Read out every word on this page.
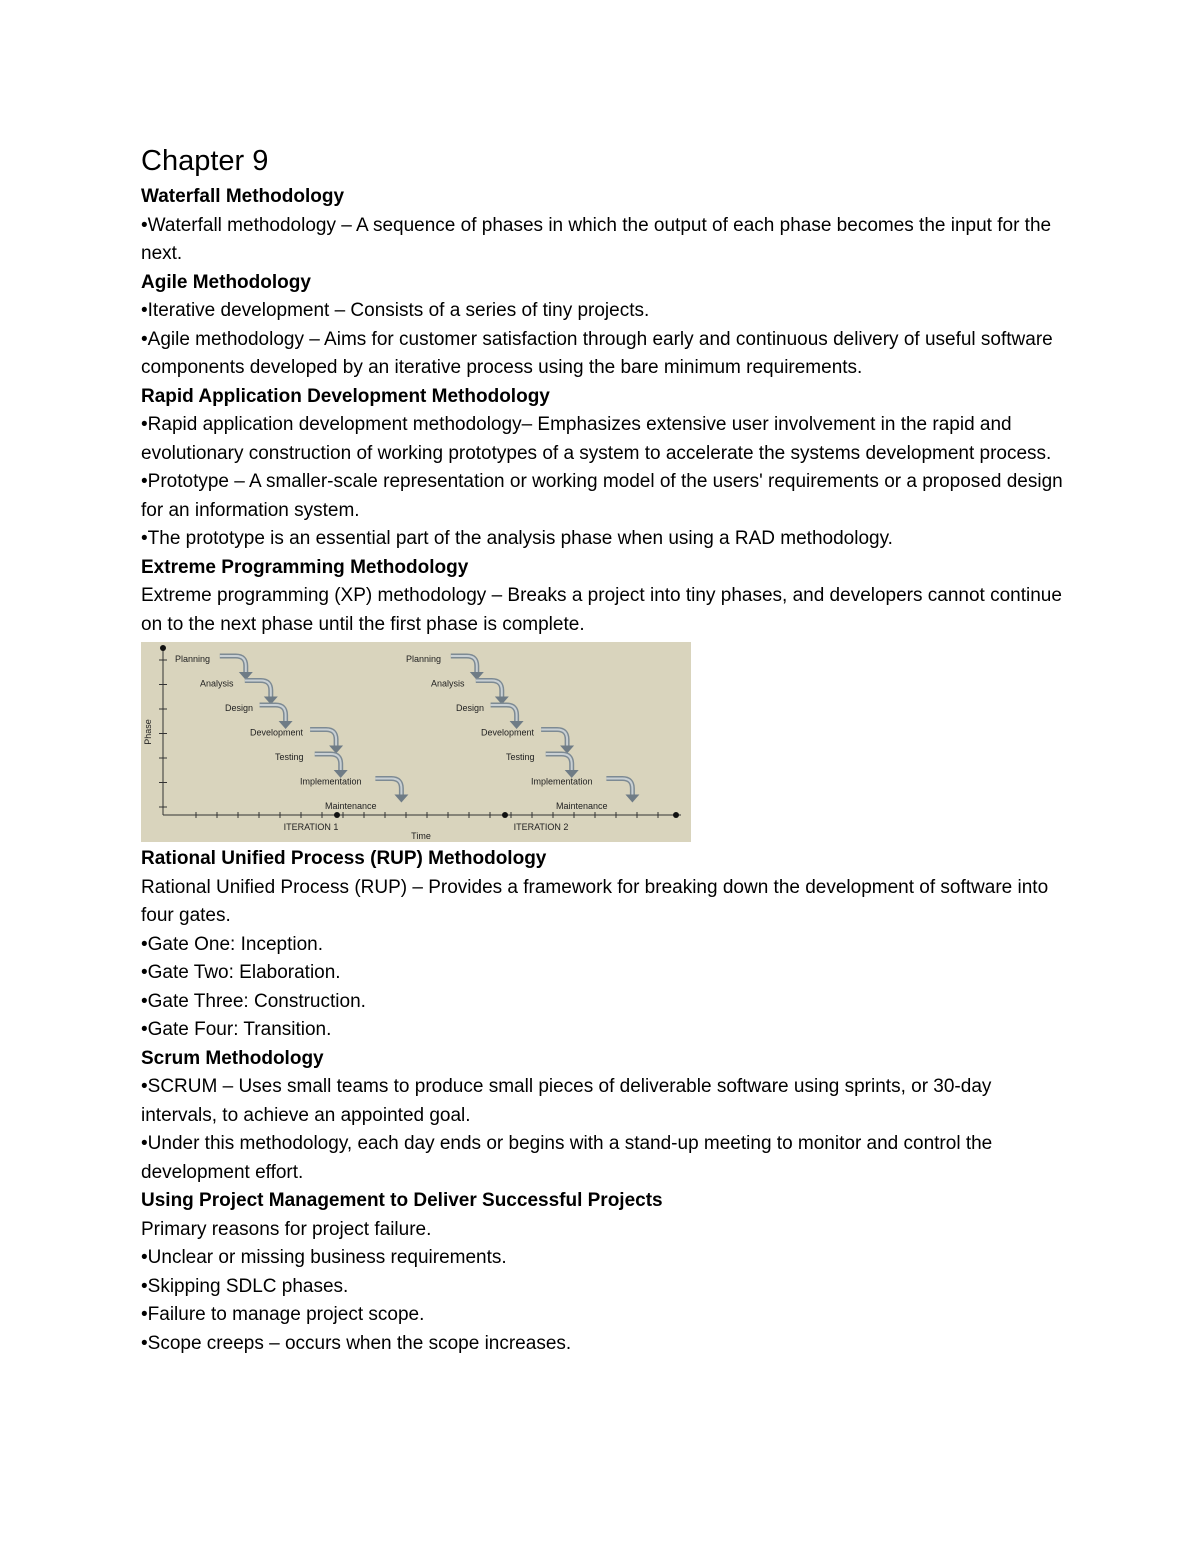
Chapter 9
Waterfall Methodology
•Waterfall methodology – A sequence of phases in which the output of each phase becomes the input for the next.
Agile Methodology
•Iterative development – Consists of a series of tiny projects.
•Agile methodology – Aims for customer satisfaction through early and continuous delivery of useful software components developed by an iterative process using the bare minimum requirements.
Rapid Application Development Methodology
•Rapid application development methodology– Emphasizes extensive user involvement in the rapid and evolutionary construction of working prototypes of a system to accelerate the systems development process.
•Prototype – A smaller-scale representation or working model of the users' requirements or a proposed design for an information system.
•The prototype is an essential part of the analysis phase when using a RAD methodology.
Extreme Programming Methodology
Extreme programming (XP) methodology – Breaks a project into tiny phases, and developers cannot continue on to the next phase until the first phase is complete.
Phase
Time
ITERATION 1	ITERATION 2
Planning
Analysis
Design
Development
Testing
Implementation
Maintenance
Planning
Analysis
Design
Development
Testing
Implementation
Maintenance
Rational Unified Process (RUP) Methodology
Rational Unified Process (RUP) – Provides a framework for breaking down the development of software into four gates.
•Gate One: Inception.
•Gate Two: Elaboration.
•Gate Three: Construction.
•Gate Four: Transition.
Scrum Methodology
•SCRUM – Uses small teams to produce small pieces of deliverable software using sprints, or 30-day intervals, to achieve an appointed goal.
•Under this methodology, each day ends or begins with a stand-up meeting to monitor and control the development effort.
Using Project Management to Deliver Successful Projects
Primary reasons for project failure.
•Unclear or missing business requirements.
•Skipping SDLC phases.
•Failure to manage project scope.
•Scope creeps – occurs when the scope increases.
